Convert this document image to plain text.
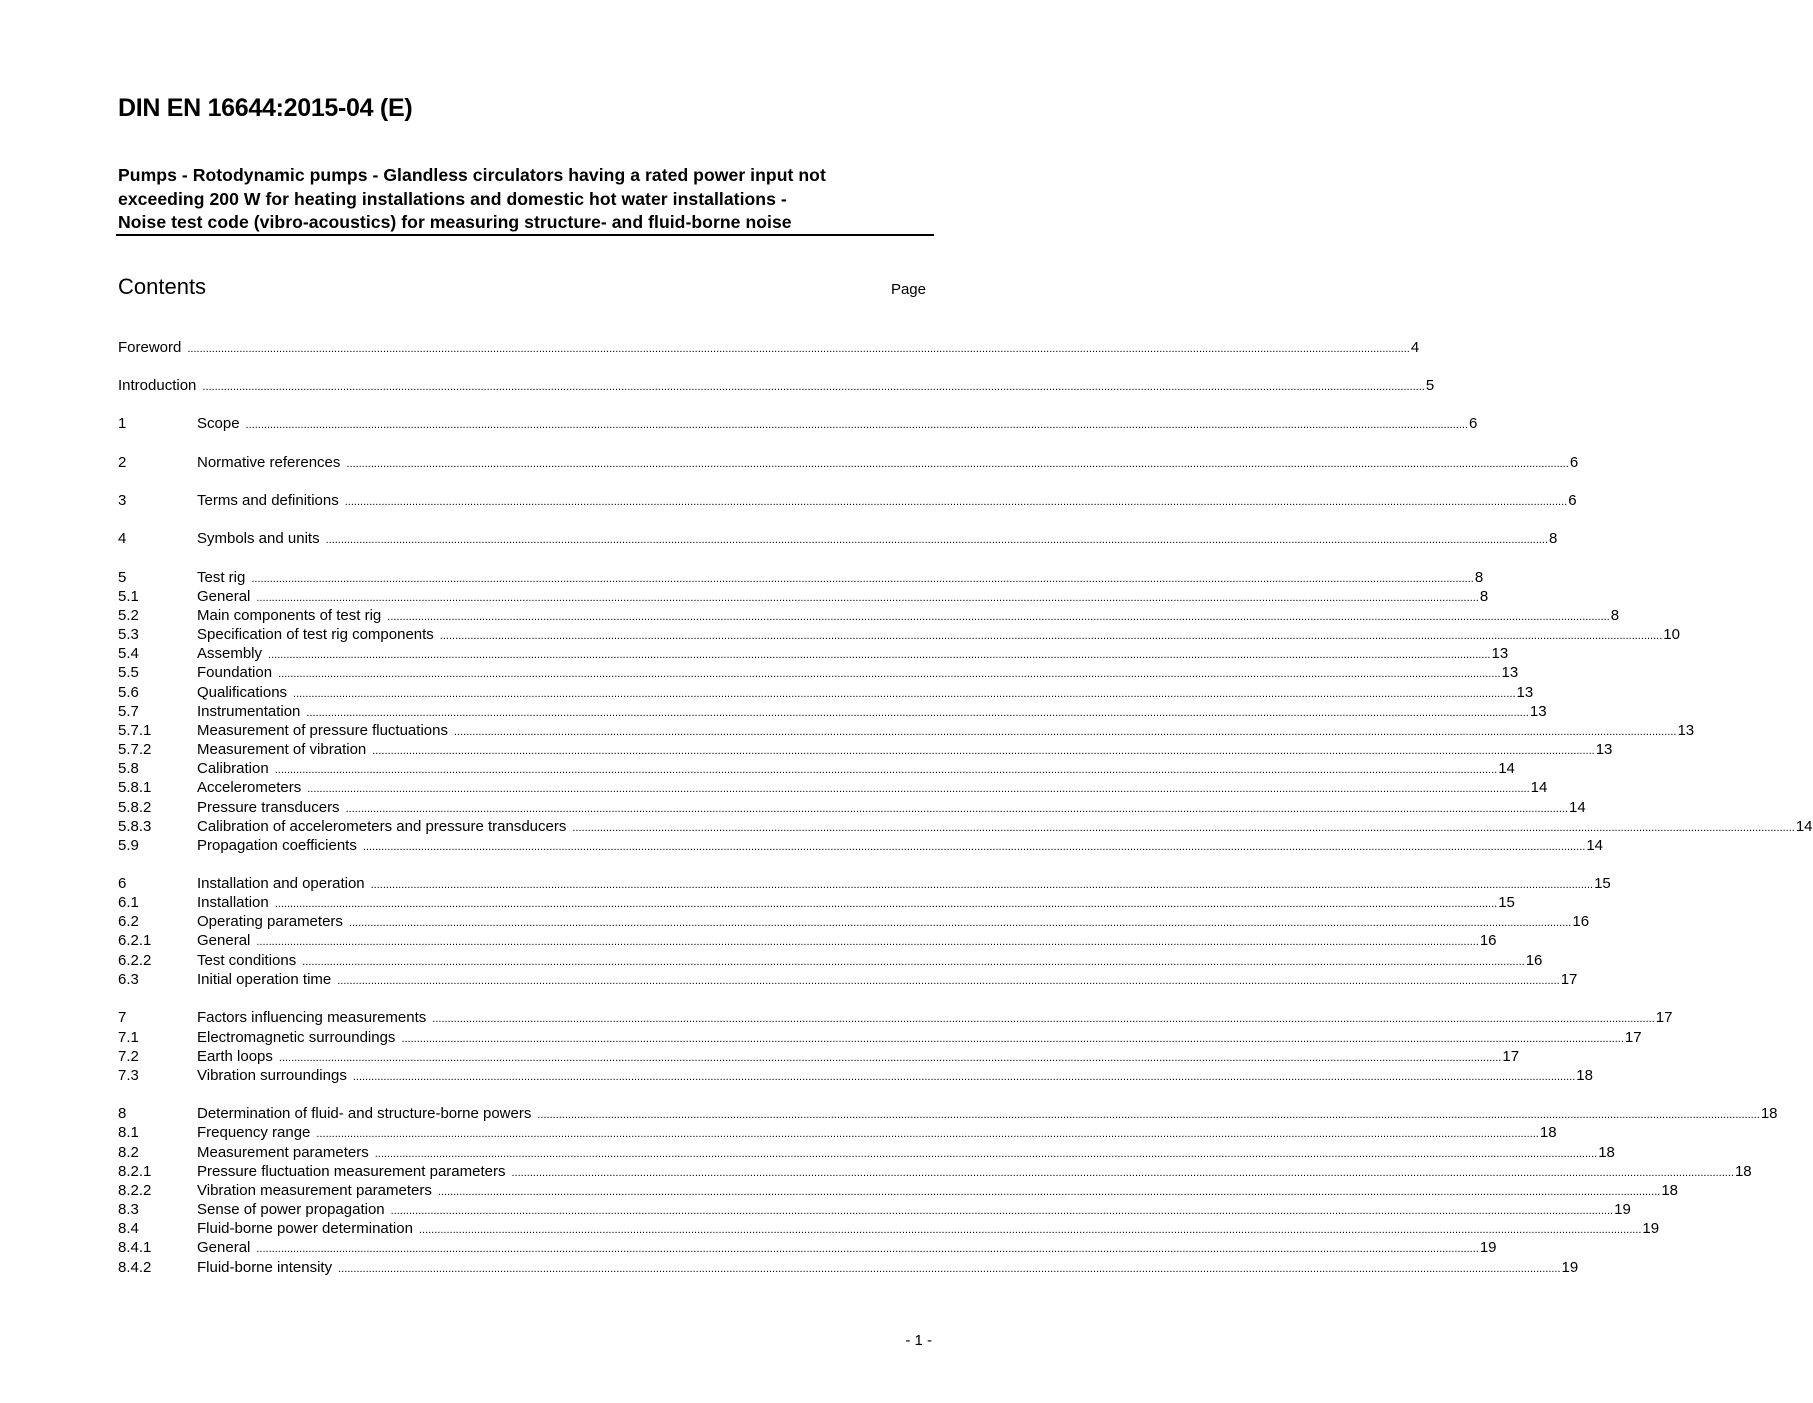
DIN EN 16644:2015-04 (E)
Pumps - Rotodynamic pumps - Glandless circulators having a rated power input not
exceeding 200 W for heating installations and domestic hot water installations -
Noise test code (vibro-acoustics) for measuring structure- and fluid-borne noise
Contents	Page
Foreword ................................................................................................................................................................................................................................................................................................................................................................................................................ 4
Introduction ................................................................................................................................................................................................................................................................................................................................................................................................................ 5
1	Scope ................................................................................................................................................................................................................................................................................................................................................................................................................ 6
2	Normative references ................................................................................................................................................................................................................................................................................................................................................................................................................ 6
3	Terms and definitions ................................................................................................................................................................................................................................................................................................................................................................................................................ 6
4	Symbols and units ................................................................................................................................................................................................................................................................................................................................................................................................................ 8
5	Test rig ................................................................................................................................................................................................................................................................................................................................................................................................................ 8
5.1	General ................................................................................................................................................................................................................................................................................................................................................................................................................ 8
5.2	Main components of test rig ................................................................................................................................................................................................................................................................................................................................................................................................................ 8
5.3	Specification of test rig components ................................................................................................................................................................................................................................................................................................................................................................................................................ 10
5.4	Assembly ................................................................................................................................................................................................................................................................................................................................................................................................................ 13
5.5	Foundation ................................................................................................................................................................................................................................................................................................................................................................................................................ 13
5.6	Qualifications ................................................................................................................................................................................................................................................................................................................................................................................................................ 13
5.7	Instrumentation ................................................................................................................................................................................................................................................................................................................................................................................................................ 13
5.7.1	Measurement of pressure fluctuations ................................................................................................................................................................................................................................................................................................................................................................................................................ 13
5.7.2	Measurement of vibration ................................................................................................................................................................................................................................................................................................................................................................................................................ 13
5.8	Calibration ................................................................................................................................................................................................................................................................................................................................................................................................................ 14
5.8.1	Accelerometers ................................................................................................................................................................................................................................................................................................................................................................................................................ 14
5.8.2	Pressure transducers ................................................................................................................................................................................................................................................................................................................................................................................................................ 14
5.8.3	Calibration of accelerometers and pressure transducers ................................................................................................................................................................................................................................................................................................................................................................................................................ 14
5.9	Propagation coefficients ................................................................................................................................................................................................................................................................................................................................................................................................................ 14
6	Installation and operation ................................................................................................................................................................................................................................................................................................................................................................................................................ 15
6.1	Installation ................................................................................................................................................................................................................................................................................................................................................................................................................ 15
6.2	Operating parameters ................................................................................................................................................................................................................................................................................................................................................................................................................ 16
6.2.1	General ................................................................................................................................................................................................................................................................................................................................................................................................................ 16
6.2.2	Test conditions ................................................................................................................................................................................................................................................................................................................................................................................................................ 16
6.3	Initial operation time ................................................................................................................................................................................................................................................................................................................................................................................................................ 17
7	Factors influencing measurements ................................................................................................................................................................................................................................................................................................................................................................................................................ 17
7.1	Electromagnetic surroundings ................................................................................................................................................................................................................................................................................................................................................................................................................ 17
7.2	Earth loops ................................................................................................................................................................................................................................................................................................................................................................................................................ 17
7.3	Vibration surroundings ................................................................................................................................................................................................................................................................................................................................................................................................................ 18
8	Determination of fluid- and structure-borne powers ................................................................................................................................................................................................................................................................................................................................................................................................................ 18
8.1	Frequency range ................................................................................................................................................................................................................................................................................................................................................................................................................ 18
8.2	Measurement parameters ................................................................................................................................................................................................................................................................................................................................................................................................................ 18
8.2.1	Pressure fluctuation measurement parameters ................................................................................................................................................................................................................................................................................................................................................................................................................ 18
8.2.2	Vibration measurement parameters ................................................................................................................................................................................................................................................................................................................................................................................................................ 18
8.3	Sense of power propagation ................................................................................................................................................................................................................................................................................................................................................................................................................ 19
8.4	Fluid-borne power determination ................................................................................................................................................................................................................................................................................................................................................................................................................ 19
8.4.1	General ................................................................................................................................................................................................................................................................................................................................................................................................................ 19
8.4.2	Fluid-borne intensity ................................................................................................................................................................................................................................................................................................................................................................................................................ 19
- 1 -
